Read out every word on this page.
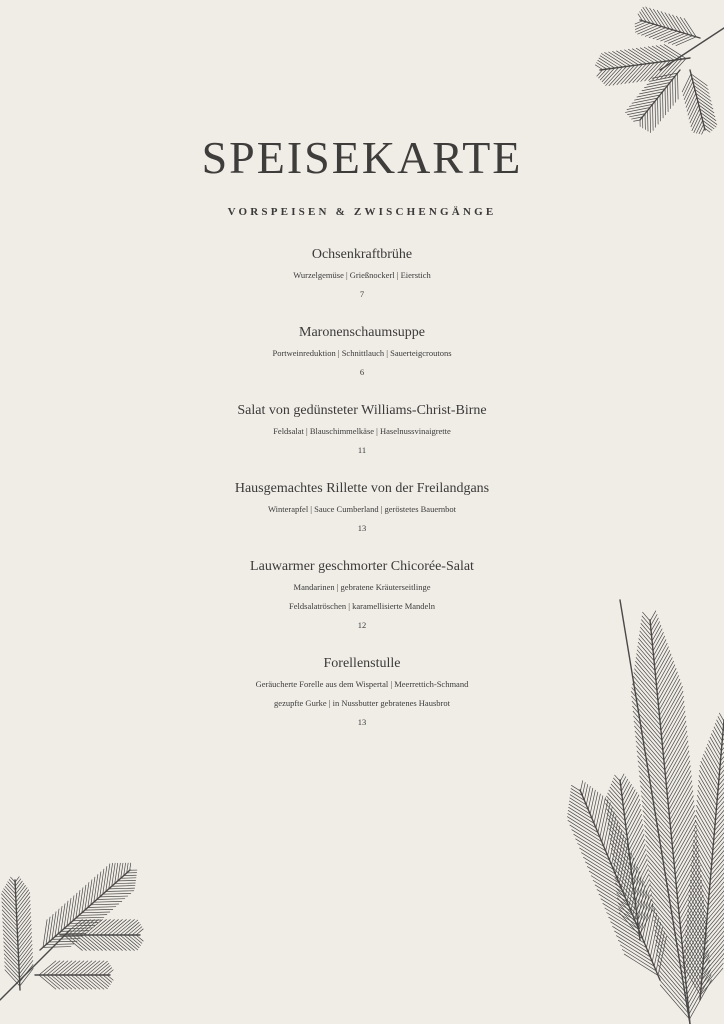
SPEISEKARTE
VORSPEISEN & ZWISCHENGÄNGE
Ochsenkraftbrühe
Wurzelgemüse | Grießnockerl | Eierstich
7
Maronenschaumsuppe
Portweinreduktion | Schnittlauch | Sauerteigcroutons
6
Salat von gedünsteter Williams-Christ-Birne
Feldsalat | Blauschimmelkäse | Haselnussvinaigrette
11
Hausgemachtes Rillette von der Freilandgans
Winterapfel | Sauce Cumberland | geröstetes Bauernbot
13
Lauwarmer geschmorter Chicorée-Salat
Mandarinen | gebratene Kräuterseitlinge
Feldsalatröschen | karamellisierte Mandeln
12
Forellenstulle
Geräucherte Forelle aus dem Wispertal | Meerrettich-Schmand
gezupfte Gurke | in Nussbutter gebratenes Hausbrot
13
